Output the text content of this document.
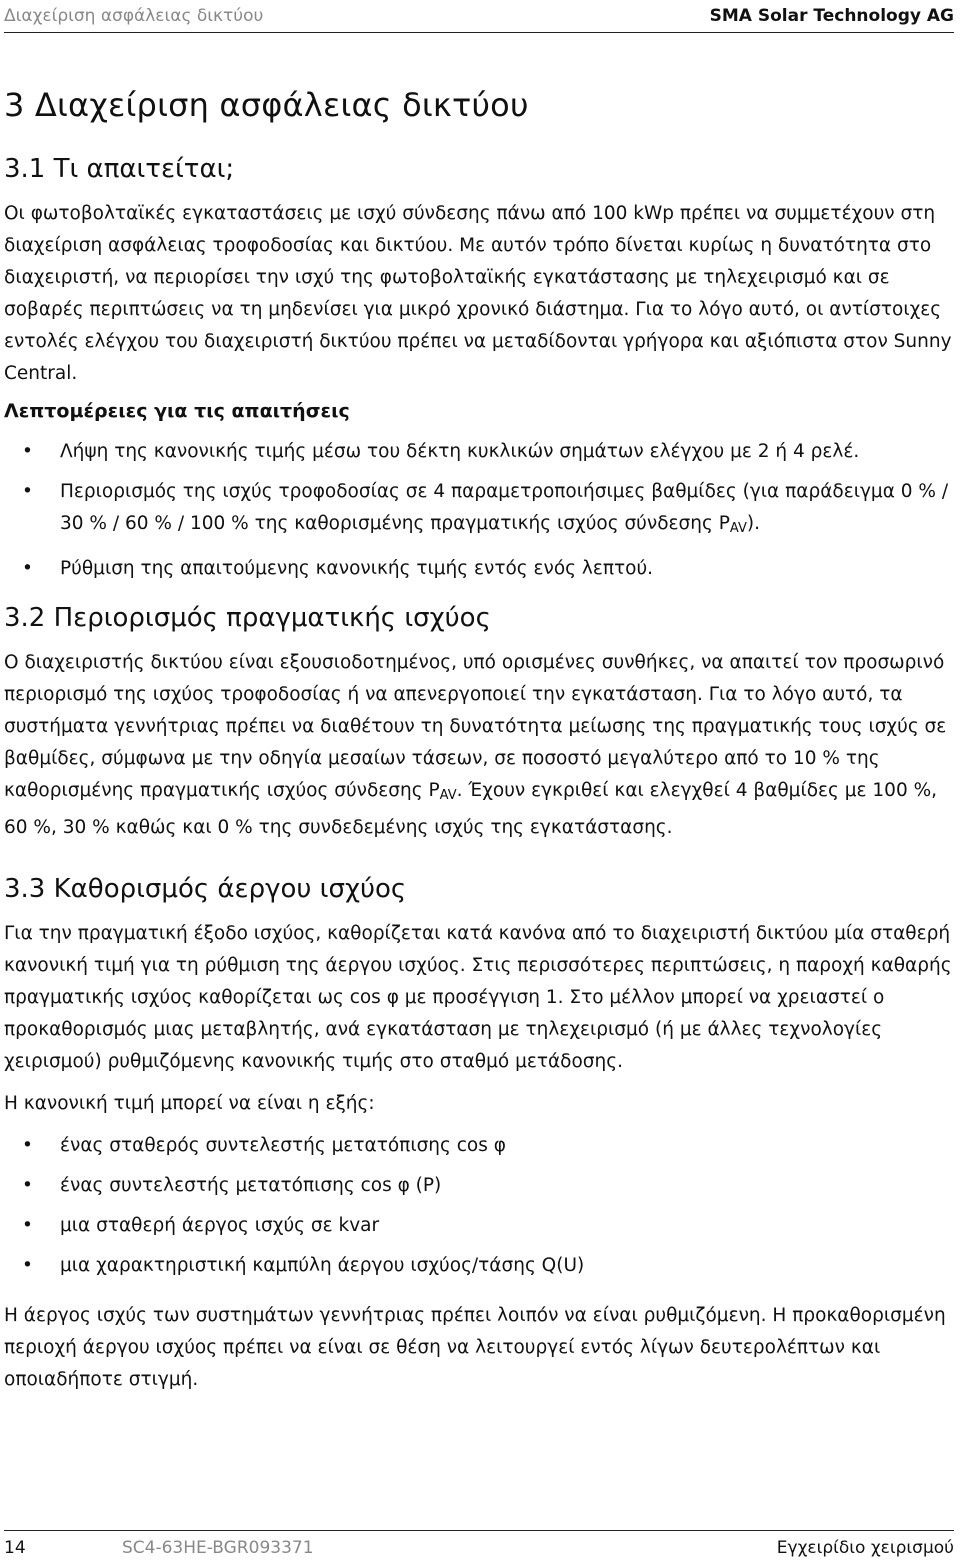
Διαχείριση ασφάλειας δικτύου	SMA Solar Technology AG
3 Διαχείριση ασφάλειας δικτύου
3.1 Τι απαιτείται;

Οι φωτοβολταϊκές εγκαταστάσεις με ισχύ σύνδεσης πάνω από 100 kWp πρέπει να συμμετέχουν στη διαχείριση ασφάλειας τροφοδοσίας και δικτύου. Με αυτόν τρόπο δίνεται κυρίως η δυνατότητα στο διαχειριστή, να περιορίσει την ισχύ της φωτοβολταϊκής εγκατάστασης με τηλεχειρισμό και σε σοβαρές περιπτώσεις να τη μηδενίσει για μικρό χρονικό διάστημα. Για το λόγο αυτό, οι αντίστοιχες εντολές ελέγχου του διαχειριστή δικτύου πρέπει να μεταδίδονται γρήγορα και αξιόπιστα στον Sunny Central.

Λεπτομέρειες για τις απαιτήσεις
• Λήψη της κανονικής τιμής μέσω του δέκτη κυκλικών σημάτων ελέγχου με 2 ή 4 ρελέ.
• Περιορισμός της ισχύς τροφοδοσίας σε 4 παραμετροποιήσιμες βαθμίδες (για παράδειγμα 0 % / 30 % / 60 % / 100 % της καθορισμένης πραγματικής ισχύος σύνδεσης $P_{AV}$).
• Ρύθμιση της απαιτούμενης κανονικής τιμής εντός ενός λεπτού.
3.2 Περιορισμός πραγματικής ισχύος

Ο διαχειριστής δικτύου είναι εξουσιοδοτημένος, υπό ορισμένες συνθήκες, να απαιτεί τον προσωρινό περιορισμό της ισχύος τροφοδοσίας ή να απενεργοποιεί την εγκατάσταση. Για το λόγο αυτό, τα συστήματα γεννήτριας πρέπει να διαθέτουν τη δυνατότητα μείωσης της πραγματικής τους ισχύς σε βαθμίδες, σύμφωνα με την οδηγία μεσαίων τάσεων, σε ποσοστό μεγαλύτερο από το 10 % της καθορισμένης πραγματικής ισχύος σύνδεσης $P_{AV}$. Έχουν εγκριθεί και ελεγχθεί 4 βαθμίδες με 100 %, 60 %, 30 % καθώς και 0 % της συνδεδεμένης ισχύς της εγκατάστασης.

3.3 Καθορισμός άεργου ισχύος

Για την πραγματική έξοδο ισχύος, καθορίζεται κατά κανόνα από το διαχειριστή δικτύου μία σταθερή κανονική τιμή για τη ρύθμιση της άεργου ισχύος. Στις περισσότερες περιπτώσεις, η παροχή καθαρής πραγματικής ισχύος καθορίζεται ως cos φ με προσέγγιση 1. Στο μέλλον μπορεί να χρειαστεί ο προκαθορισμός μιας μεταβλητής, ανά εγκατάσταση με τηλεχειρισμό (ή με άλλες τεχνολογίες χειρισμού) ρυθμιζόμενης κανονικής τιμής στο σταθμό μετάδοσης.

Η κανονική τιμή μπορεί να είναι η εξής:

• ένας σταθερός συντελεστής μετατόπισης cos φ
• ένας συντελεστής μετατόπισης cos φ (P)
• μια σταθερή άεργος ισχύς σε kvar
• μια χαρακτηριστική καμπύλη άεργου ισχύος/τάσης Q(U)

Η άεργος ισχύς των συστημάτων γεννήτριας πρέπει λοιπόν να είναι ρυθμιζόμενη. Η προκαθορισμένη περιοχή άεργου ισχύος πρέπει να είναι σε θέση να λειτουργεί εντός λίγων δευτερολέπτων και οποιαδήποτε στιγμή.

14	SC4-63HE-BGR093371	Εγχειρίδιο χειρισμού
